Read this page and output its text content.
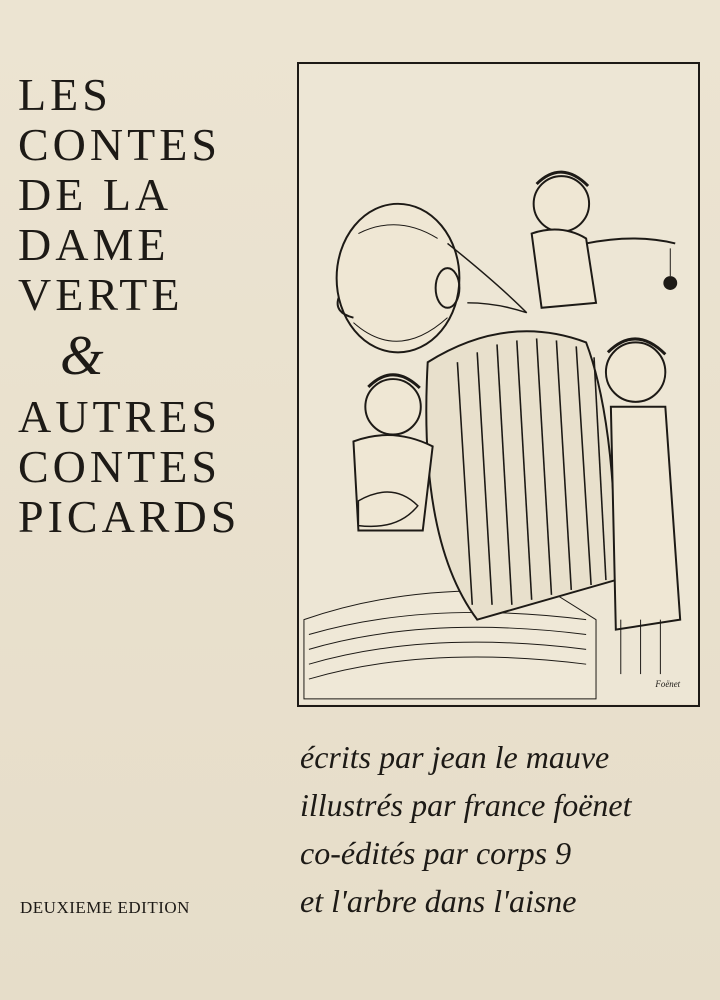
LES
CONTES
DE LA
DAME
VERTE
&
AUTRES
CONTES
PICARDS
Foënet
écrits par jean le mauve
illustrés par france foënet
co-édités par corps 9
et l'arbre dans l'aisne
DEUXIEME EDITION
